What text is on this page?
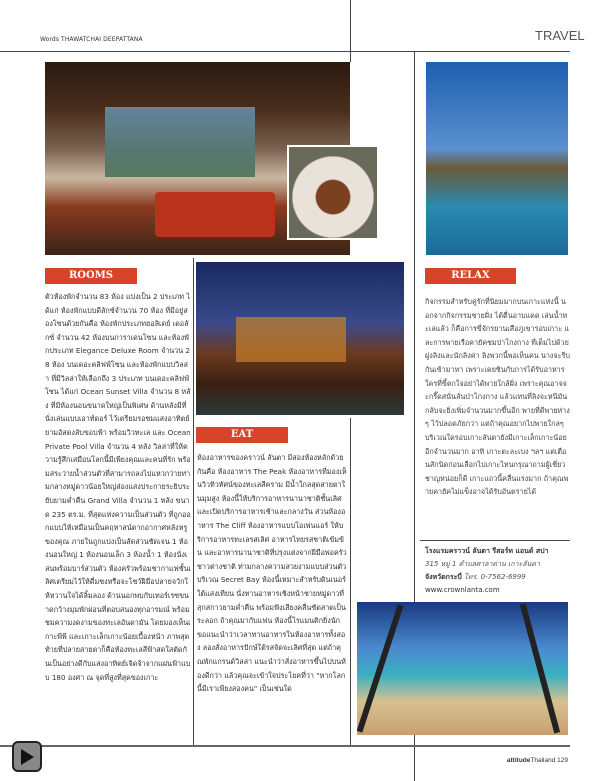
Words THAWATCHAI DEEPATTANA	TRAVEL
ROOMS
ตัวห้องพักจำนวน 83 ห้อง แบ่งเป็น 2 ประเภท ได้แก่ ห้องพักแบบดีลักซ์จำนวน 70 ห้อง ที่มีอยู่สองโซนด้วยกันคือ ห้องพักประเภทฮอลิเดย์ เดอลักซ์ จำนวน 42 ห้องบนการาเดนโซน และห้องพักประเภท Elegance Deluxe Room จำนวน 28 ห้อง บนเดอะคลิฟฟ์โซน และห้องพักแบบวิลล่า ที่มีวิลล่าให้เลือกถึง 3 ประเภท บนเดอะคลิฟฟ์โซน ได้แก่ Ocean Sunset Villa จำนวน 8 หลัง ที่มีห้องนอนขนาดใหญ่เป็นพิเศษ ด้านหลังมีที่นั่งเล่นแบบเอาท์ดอร์ ไว้เตรียมรอชมแสงอาทิตย์ยามอัสดงลับขอบฟ้า พร้อมวิวทะเล และ Ocean Private Pool Villa จำนวน 4 หลัง วิลล่าที่ให้ความรู้สึกเสมือนโลกนี้มีเพียงคุณและคนที่รัก พร้อมสระว่ายน้ำส่วนตัวที่สามารถลงไปแหวกว่ายท่ามกลางหมู่ดาวน้อยใหญ่ส่องแสงประกายระยิบระยับยามค่ำคืน Grand Villa จำนวน 1 หลัง ขนาด 235 ตร.ม. ที่สุดแห่งความเป็นส่วนตัว ที่ถูกออกแบบให้เหมือนเป็นคฤหาสน์ตากอากาศหลังหรูของคุณ ภายในถูกแบ่งเป็นสัดส่วนชัดเจน 1 ห้องนอนใหญ่ 1 ห้องนอนเล็ก 3 ห้องน้ำ 1 ห้องนั่งเล่นพร้อมบาร์ส่วนตัว ห้องครัวพร้อมชากาแฟชั้นเลิศเตรียมไว้ให้ดื่มชงหรือจะโชว์ฝีมือปลายจวักให้หวานใจได้ลิ้มลอง ด้านนอกพบกับเทอร์เรซขนาดกว้างมุมพักผ่อนที่ตอบสนองทุกอารมณ์ พร้อมชมความงดงามของทะเลอันดามัน โดยมองเห็นเกาะพีพี และเกาะเล็กเกาะน้อยเบื้องหน้า ภาพสุดท้ายที่ปลายสายตาก็คือท้องทะเลสีฟ้าสดใสตัดกันเป็นอย่างดีกับแสงอาทิตย์เจิดจ้าจากแผ่นฟ้าแบบ 180 องศา ณ จุดที่สูงที่สุดของเกาะ
EAT
ห้องอาหารของคราวน์ ลันตา มีสองห้องหลักด้วยกันคือ ห้องอาหาร The Peak ห้องอาหารที่มองเห็นวิวทิวทัศน์ของทะเลสีคราม มีน้ำใกลสุดสายตาในมุมสูง ห้องนี้ให้บริการอาหารนานาชาติชั้นเลิศ และเปิดบริการอาหารเช้าและกลางวัน ส่วนห้องอาหาร The Cliff ห้องอาหารแบบโอเพ่นแอร์ ให้บริการอาหารทะเลรสเลิศ อาหารไทยรสชาติเข้มข้น และอาหารนานาชาติที่ปรุงแต่งจากฝีมือพ่อครัวชาวต่างชาติ ท่ามกลางความสวยงามแบบส่วนตัวบริเวณ Secret Bay ห้องนี้เหมาะสำหรับดินเนอร์ใต้แสงเทียน นั่งทานอาหารเชิงหน้าชายหมู่ดาวที่สุกสกาวยามค่ำคืน พร้อมฟังเสียงคลื่นซัดสาดเป็นระลอก ถ้าคุณมากับแฟน ห้องนี้โรแมนติกยิ่งนัก ขอแนะนำว่าเวลาทานอาหารในห้องอาหารทั้งสอง ลองสั่งอาหารปักษ์ใต้รสจัดจะเลิศที่สุด แต่ถ้าคุณพักแกรนด์วิลล่า แนะนำว่าสั่งอาหารขึ้นไปบนห้องดีกว่า แล้วคุณจะเข้าใจประโยคที่ว่า "หากโลกนี้มีเราเพียงสองคน" เป็นเช่นใด
RELAX
กิจกรรมสำหรับคู่รักที่นิยมมากบนเกาะแห่งนี้ นอกจากกิจกรรมชายฝั่ง ได้ตื่นอาบแดด เล่นน้ำทะเลแล้ว ก็คือการขี่จักรยานเสือภูเขารอบเกาะ และการพายเรือคายัคชมป่าโกงกาง ที่เต็มไปด้วยฝูงลิงและนักลิงค่า ลิงพวกนี้พอเห็นคน นางจะรีบกันเข้ามาหา เพราะเคยชินกับการได้รับอาหาร ใครที่ขี้ตกใจอย่าได้พายใกล้ฝั่ง เพราะคุณอาจจะกรี๊ดสนั่นลั่นป่าโกงกาง แล้วแทนที่ลิงจะหนีมันกลับจะยิ่งเพิ่มจำนวนมากขึ้นอีก พายที่ดีพายห่างๆ ไว้ปลอดภัยกว่า แต่ถ้าคุณอยากไปพายใกลๆ บริเวณใดรอบเกาะลันตายังมีเกาะเล็กเกาะน้อยอีกจำนวนมาก อาทิ เกาะตะละเบง ฯลฯ แต่เตือนสักนิดก่อนเลือกไปเกาะไหนกรุณาถามผู้เชี่ยวชาญหน่อยก็ดี เกาะแถวนี้คลื่นแรงมาก ถ้าคุณพายคายัคไม่แข็งอาจได้รับอันตรายได้
โรงแรมคราวน์ ลันตา รีสอร์ท แอนด์ สปา
315 หมู่ 1 ตำบลศาลาด่าน เกาะลันตา
จังหวัดกระบี่ โทร. 0-7562-6999
www.crownlanta.com
attitudeThailand 129
